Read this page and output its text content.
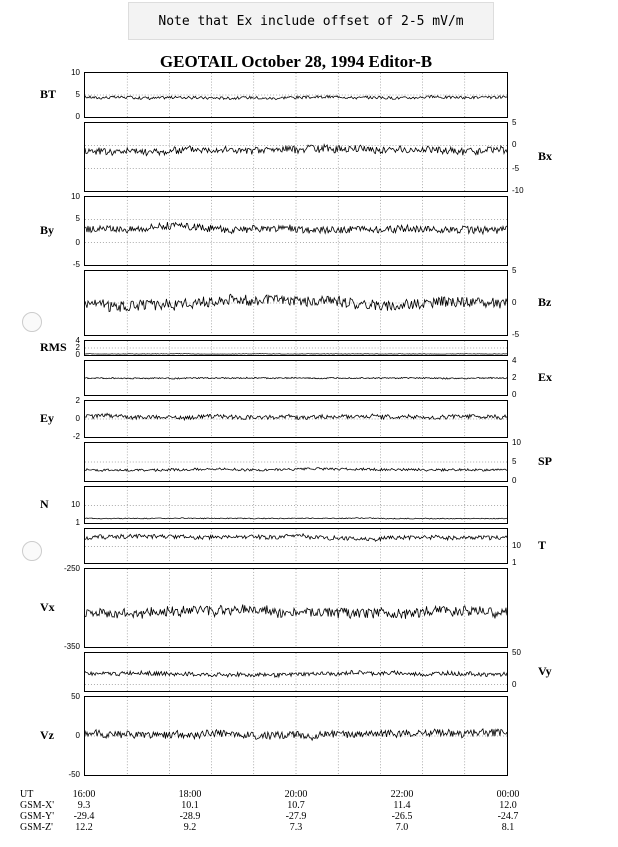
Note that Ex include offset of 2-5 mV/m
GEOTAIL October 28, 1994 Editor-B
UT
GSM-X'
GSM-Y'
GSM-Z'
16:00
9.3
-29.4
12.2
18:00
10.1
-28.9
9.2
20:00
10.7
-27.9
7.3
22:00
11.4
-26.5
7.0
00:00
12.0
-24.7
8.1
BT
10
5
0
Bx
5
0
-5
-10
By
10
5
0
-5
Bz
5
0
-5
RMS	4
2
0
Ex
4
2
0
Ey
2
0
-2
SP
10
5
0
N	10
1
T
10
1
Vx
-250
-350
Vy
50
0
Vz
50
0
-50
